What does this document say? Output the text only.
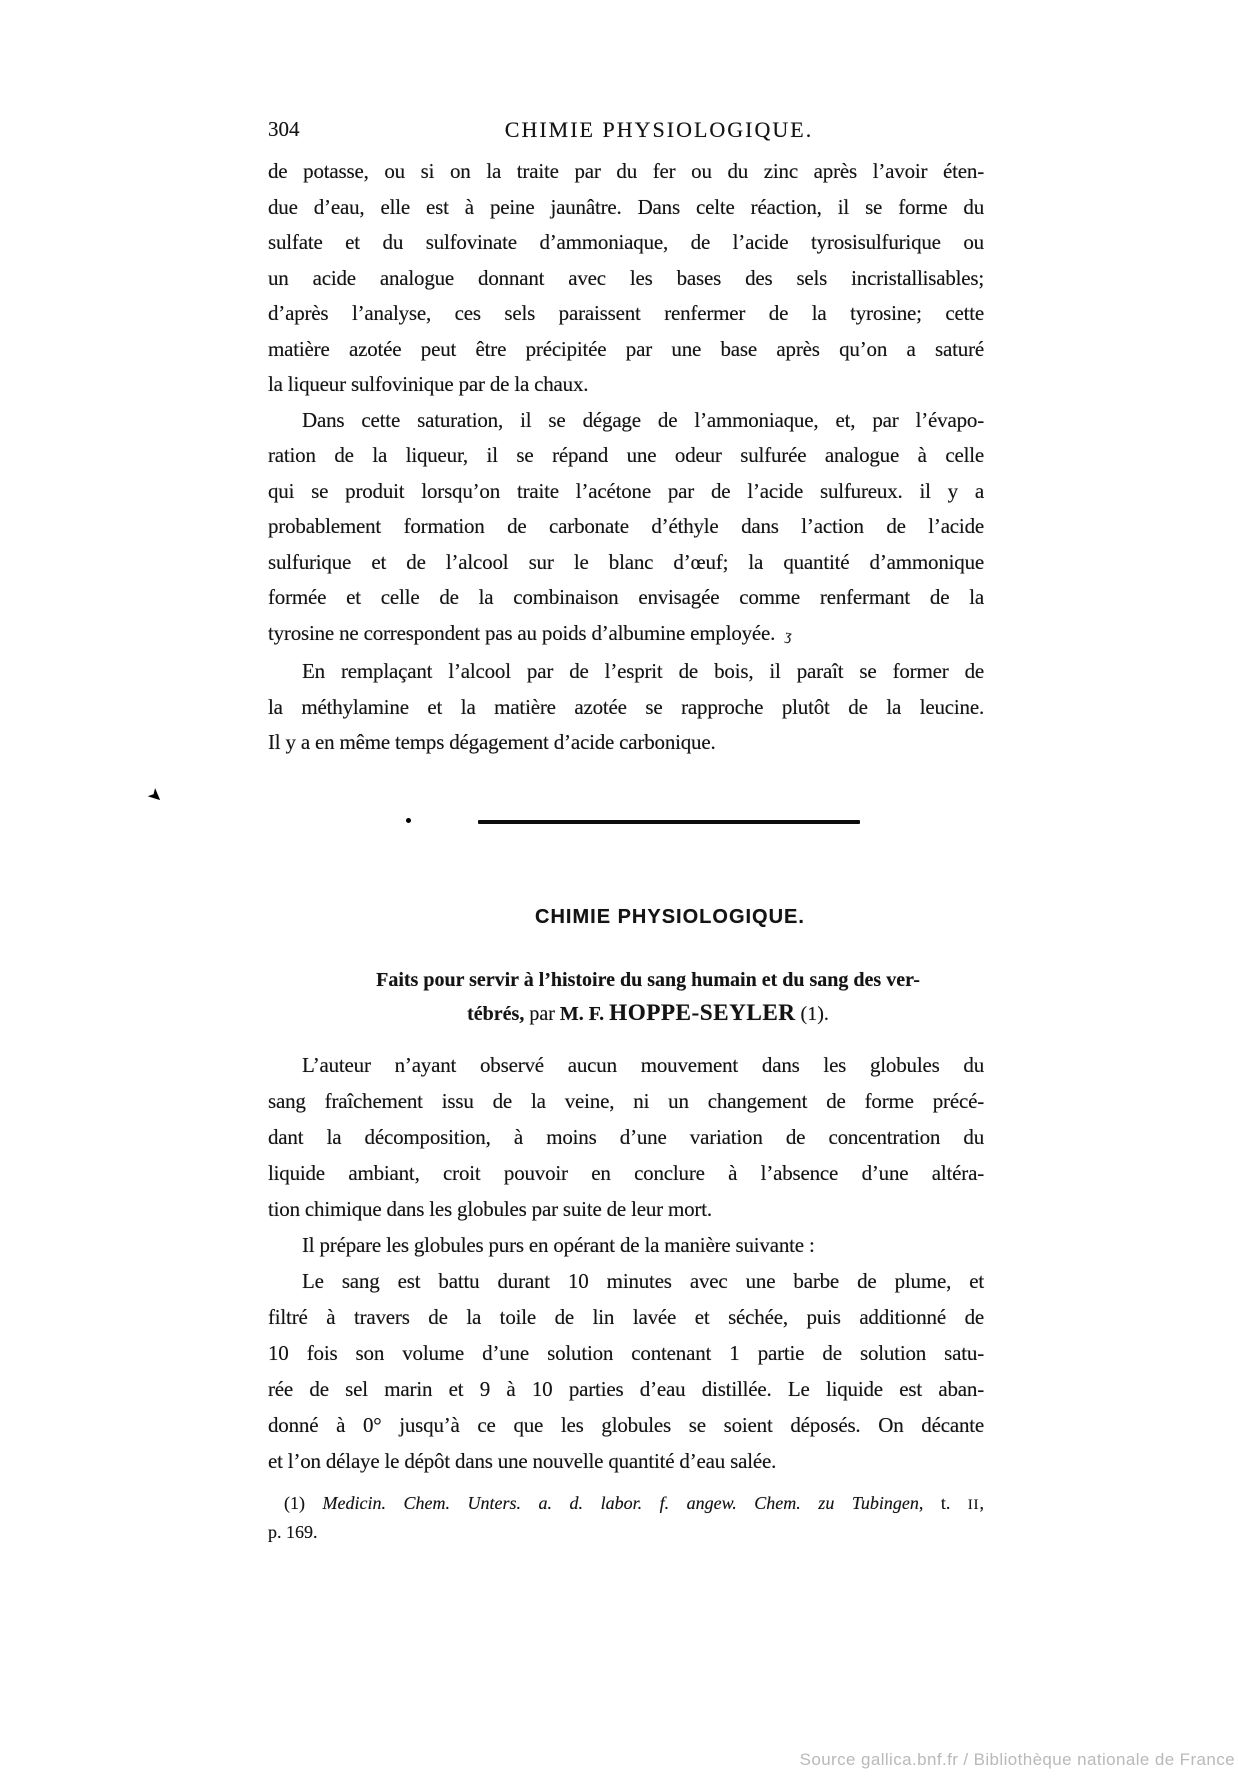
304	CHIMIE PHYSIOLOGIQUE.
de potasse, ou si on la traite par du fer ou du zinc après l’avoir éten-
due d’eau, elle est à peine jaunâtre. Dans celte réaction, il se forme du
sulfate et du sulfovinate d’ammoniaque, de l’acide tyrosisulfurique ou
un acide analogue donnant avec les bases des sels incristallisables;
d’après l’analyse, ces sels paraissent renfermer de la tyrosine; cette
matière azotée peut être précipitée par une base après qu’on a saturé
la liqueur sulfovinique par de la chaux.
Dans cette saturation, il se dégage de l’ammoniaque, et, par l’évapo-
ration de la liqueur, il se répand une odeur sulfurée analogue à celle
qui se produit lorsqu’on traite l’acétone par de l’acide sulfureux. il y a
probablement formation de carbonate d’éthyle dans l’action de l’acide
sulfurique et de l’alcool sur le blanc d’œuf; la quantité d’ammonique
formée et celle de la combinaison envisagée comme renfermant de la
tyrosine ne correspondent pas au poids d’albumine employée. ʒ
En remplaçant l’alcool par de l’esprit de bois, il paraît se former de
la méthylamine et la matière azotée se rapproche plutôt de la leucine.
Il y a en même temps dégagement d’acide carbonique.
➤
CHIMIE PHYSIOLOGIQUE.
Faits pour servir à l’histoire du sang humain et du sang des ver-
tébrés, par M. F. HOPPE-SEYLER (1).
L’auteur n’ayant observé aucun mouvement dans les globules du
sang fraîchement issu de la veine, ni un changement de forme précé-
dant la décomposition, à moins d’une variation de concentration du
liquide ambiant, croit pouvoir en conclure à l’absence d’une altéra-
tion chimique dans les globules par suite de leur mort.
Il prépare les globules purs en opérant de la manière suivante :
Le sang est battu durant 10 minutes avec une barbe de plume, et
filtré à travers de la toile de lin lavée et séchée, puis additionné de
10 fois son volume d’une solution contenant 1 partie de solution satu-
rée de sel marin et 9 à 10 parties d’eau distillée. Le liquide est aban-
donné à 0° jusqu’à ce que les globules se soient déposés. On décante
et l’on délaye le dépôt dans une nouvelle quantité d’eau salée.
(1) Medicin. Chem. Unters. a. d. labor. f. angew. Chem. zu Tubingen, t. II,
p. 169.
Source gallica.bnf.fr / Bibliothèque nationale de France
